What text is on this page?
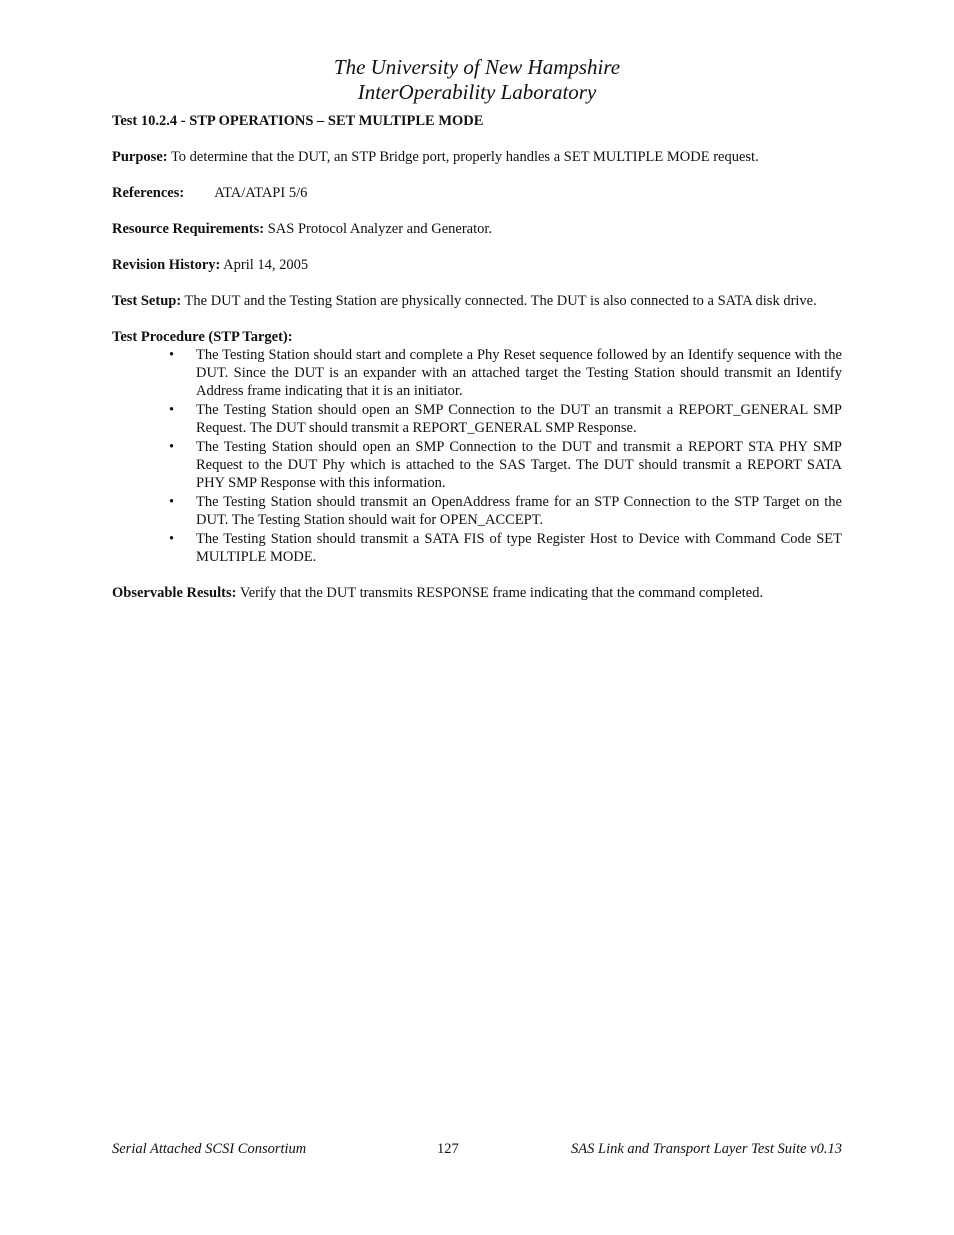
The University of New Hampshire
InterOperability Laboratory
Test 10.2.4 - STP OPERATIONS – SET MULTIPLE MODE
Purpose: To determine that the DUT, an STP Bridge port, properly handles a SET MULTIPLE MODE request.
References: ATA/ATAPI 5/6
Resource Requirements: SAS Protocol Analyzer and Generator.
Revision History: April 14, 2005
Test Setup: The DUT and the Testing Station are physically connected. The DUT is also connected to a SATA disk drive.
Test Procedure (STP Target):
• The Testing Station should start and complete a Phy Reset sequence followed by an Identify sequence with the DUT. Since the DUT is an expander with an attached target the Testing Station should transmit an Identify Address frame indicating that it is an initiator.
• The Testing Station should open an SMP Connection to the DUT an transmit a REPORT_GENERAL SMP Request. The DUT should transmit a REPORT_GENERAL SMP Response.
• The Testing Station should open an SMP Connection to the DUT and transmit a REPORT STA PHY SMP Request to the DUT Phy which is attached to the SAS Target. The DUT should transmit a REPORT SATA PHY SMP Response with this information.
• The Testing Station should transmit an OpenAddress frame for an STP Connection to the STP Target on the DUT. The Testing Station should wait for OPEN_ACCEPT.
• The Testing Station should transmit a SATA FIS of type Register Host to Device with Command Code SET MULTIPLE MODE.
Observable Results: Verify that the DUT transmits RESPONSE frame indicating that the command completed.
Serial Attached SCSI Consortium	127	SAS Link and Transport Layer Test Suite v0.13
